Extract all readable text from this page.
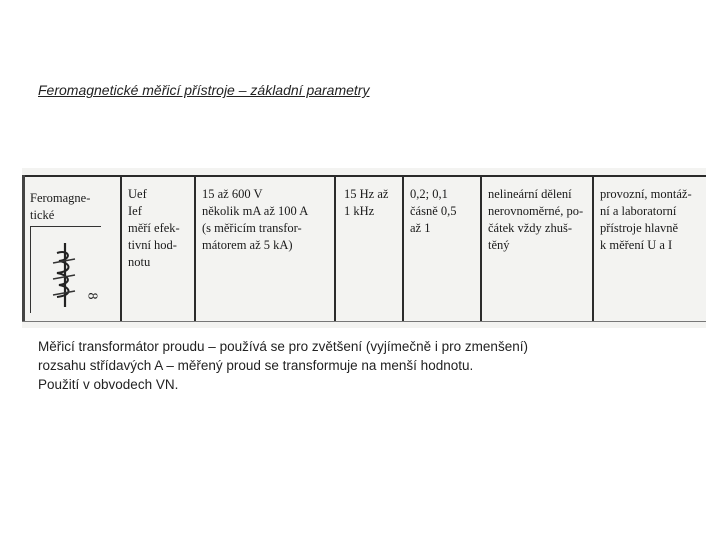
Feromagnetické měřicí přístroje – základní parametry
Feromagne-
tické
8
Uef
Ief
měří efek-
tivní hod-
notu
15 až 600 V
několik mA až 100 A
(s měřicím transfor-
mátorem až 5 kA)
15 Hz až
1 kHz
0,2; 0,1
čásně 0,5
až 1
nelineární dělení
nerovnoměrné, po-
čátek vždy zhuš-
těný
provozní, montáž-
ní a laboratorní
přístroje hlavně
k měření U a I
Měřicí transformátor proudu – používá se pro zvětšení (vyjímečně i pro zmenšení)
rozsahu střídavých A – měřený proud se transformuje na menší hodnotu.
Použití v obvodech VN.
